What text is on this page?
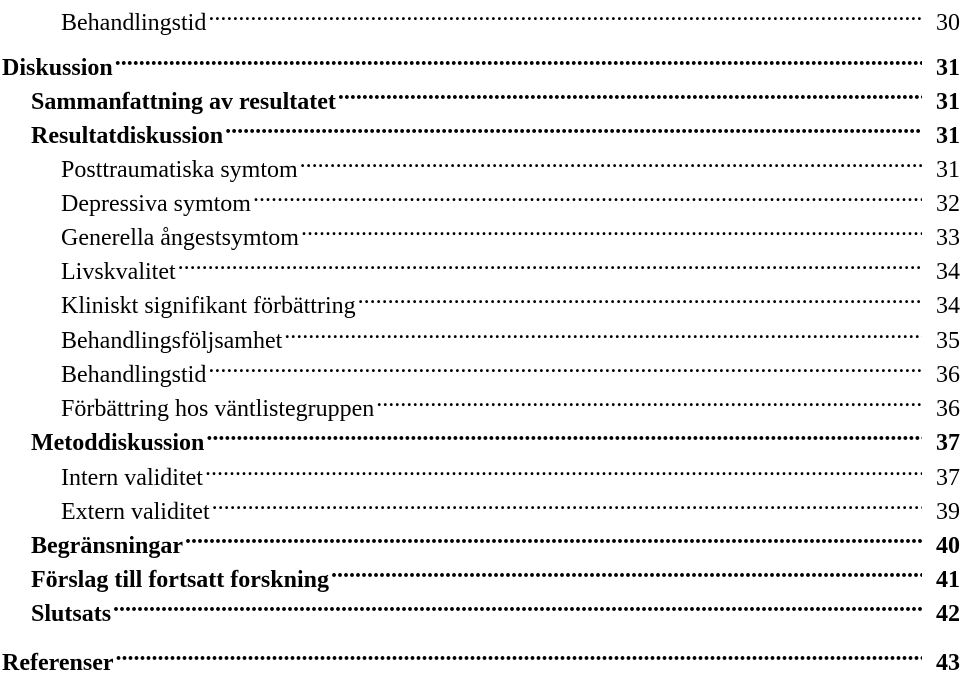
Behandlingstid .....	30
Diskussion .....	31
Sammanfattning av resultatet .....	31
Resultatdiskussion .....	31
Posttraumatiska symtom .....	31
Depressiva symtom .....	32
Generella ångestsymtom .....	33
Livskvalitet .....	34
Kliniskt signifikant förbättring .....	34
Behandlingsföljsamhet .....	35
Behandlingstid .....	36
Förbättring hos väntlistegruppen .....	36
Metoddiskussion .....	37
Intern validitet .....	37
Extern validitet .....	39
Begränsningar .....	40
Förslag till fortsatt forskning .....	41
Slutsats .....	42
Referenser .....	43
